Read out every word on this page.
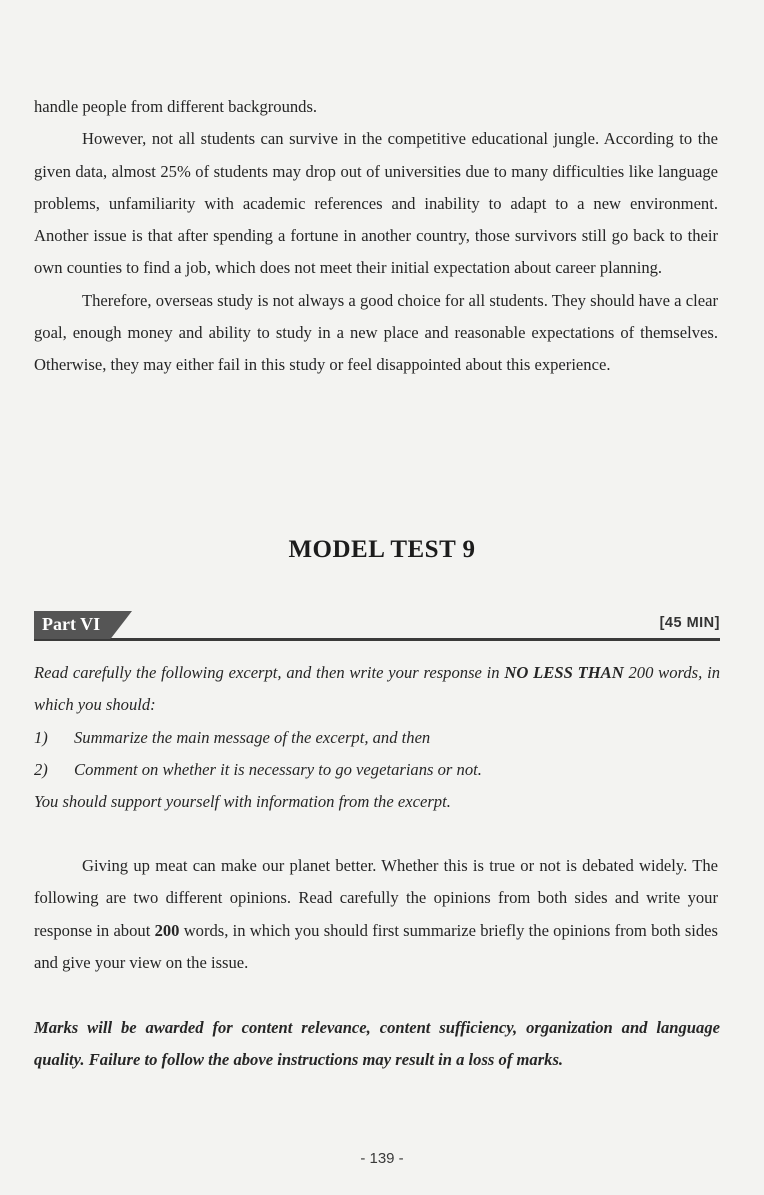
handle people from different backgrounds.

However, not all students can survive in the competitive educational jungle. According to the given data, almost 25% of students may drop out of universities due to many difficulties like language problems, unfamiliarity with academic references and inability to adapt to a new environment. Another issue is that after spending a fortune in another country, those survivors still go back to their own counties to find a job, which does not meet their initial expectation about career planning.

Therefore, overseas study is not always a good choice for all students. They should have a clear goal, enough money and ability to study in a new place and reasonable expectations of themselves. Otherwise, they may either fail in this study or feel disappointed about this experience.

MODEL TEST 9
Part VI	[45 MIN]

Read carefully the following excerpt, and then write your response in NO LESS THAN 200 words, in which you should:

1) Summarize the main message of the excerpt, and then

2) Comment on whether it is necessary to go vegetarians or not.

You should support yourself with information from the excerpt.

Giving up meat can make our planet better. Whether this is true or not is debated widely. The following are two different opinions. Read carefully the opinions from both sides and write your response in about 200 words, in which you should first summarize briefly the opinions from both sides and give your view on the issue.

Marks will be awarded for content relevance, content sufficiency, organization and language quality. Failure to follow the above instructions may result in a loss of marks.

- 139 -
